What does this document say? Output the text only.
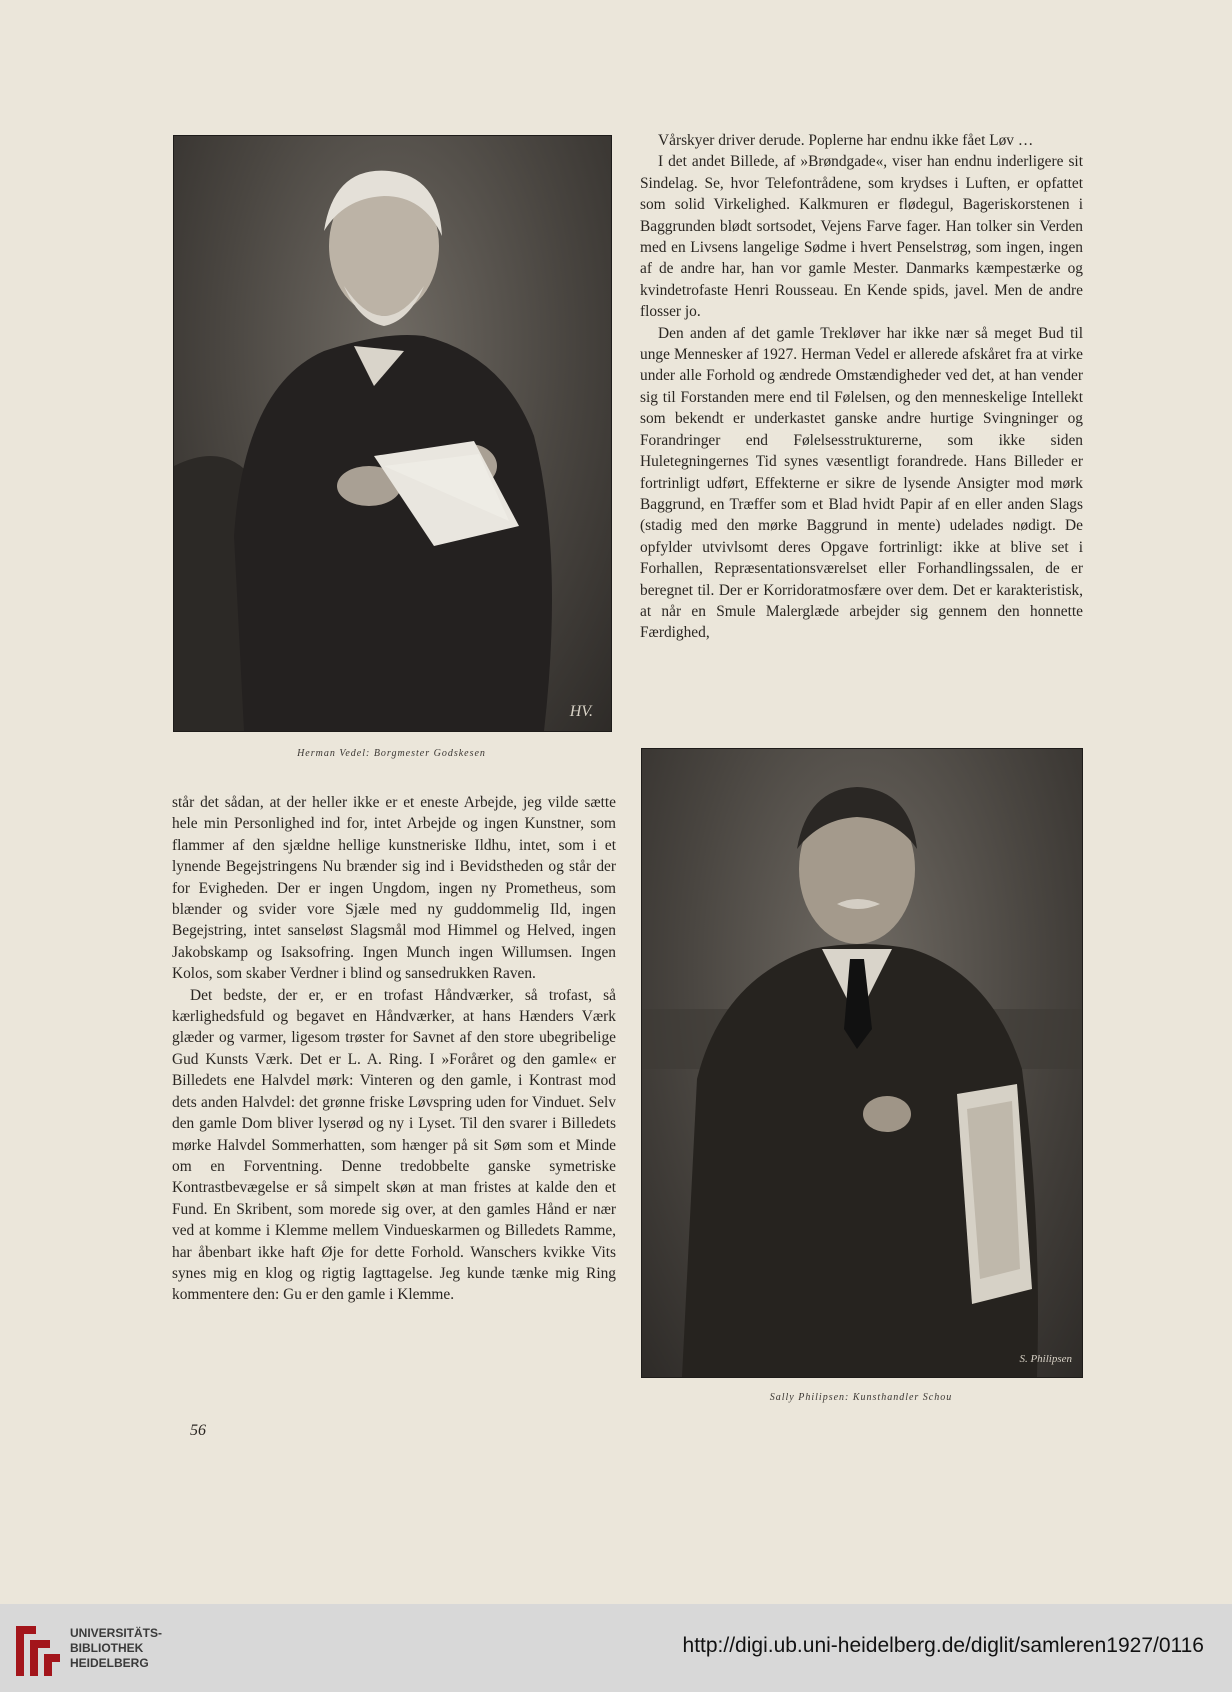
HV.
Herman Vedel: Borgmester Godskesen

Vårskyer driver derude. Poplerne har endnu ikke fået Løv …

I det andet Billede, af »Brøndgade«, viser han endnu inderligere sit Sindelag. Se, hvor Telefontrådene, som krydses i Luften, er opfattet som solid Virkelighed. Kalkmuren er flødegul, Bageriskorstenen i Baggrunden blødt sortsodet, Vejens Farve fager. Han tolker sin Verden med en Livsens langelige Sødme i hvert Penselstrøg, som ingen, ingen af de andre har, han vor gamle Mester. Danmarks kæmpestærke og kvindetrofaste Henri Rousseau. En Kende spids, javel. Men de andre flosser jo.

Den anden af det gamle Trekløver har ikke nær så meget Bud til unge Mennesker af 1927. Herman Vedel er allerede afskåret fra at virke under alle Forhold og ændrede Omstændigheder ved det, at han vender sig til Forstanden mere end til Følelsen, og den menneskelige Intellekt som bekendt er underkastet ganske andre hurtige Svingninger og Forandringer end Følelsesstrukturerne, som ikke siden Huletegningernes Tid synes væsentligt forandrede. Hans Billeder er fortrinligt udført, Effekterne er sikre de lysende Ansigter mod mørk Baggrund, en Træffer som et Blad hvidt Papir af en eller anden Slags (stadig med den mørke Baggrund in mente) udelades nødigt. De opfylder utvivlsomt deres Opgave fortrinligt: ikke at blive set i Forhallen, Repræsentationsværelset eller Forhandlingssalen, de er beregnet til. Der er Korridoratmosfære over dem. Det er karakteristisk, at når en Smule Malerglæde arbejder sig gennem den honnette Færdighed,

S. Philipsen
Sally Philipsen: Kunsthandler Schou

står det sådan, at der heller ikke er et eneste Arbejde, jeg vilde sætte hele min Personlighed ind for, intet Arbejde og ingen Kunstner, som flammer af den sjældne hellige kunstneriske Ildhu, intet, som i et lynende Begejstringens Nu brænder sig ind i Bevidstheden og står der for Evigheden. Der er ingen Ungdom, ingen ny Prometheus, som blænder og svider vore Sjæle med ny guddommelig Ild, ingen Begejstring, intet sanseløst Slagsmål mod Himmel og Helved, ingen Jakobskamp og Isaksofring. Ingen Munch ingen Willumsen. Ingen Kolos, som skaber Verdner i blind og sansedrukken Raven.

Det bedste, der er, er en trofast Håndværker, så trofast, så kærlighedsfuld og begavet en Håndværker, at hans Hænders Værk glæder og varmer, ligesom trøster for Savnet af den store ubegribelige Gud Kunsts Værk. Det er L. A. Ring. I »Foråret og den gamle« er Billedets ene Halvdel mørk: Vinteren og den gamle, i Kontrast mod dets anden Halvdel: det grønne friske Løvspring uden for Vinduet. Selv den gamle Dom bliver lyserød og ny i Lyset. Til den svarer i Billedets mørke Halvdel Sommerhatten, som hænger på sit Søm som et Minde om en Forventning. Denne tredobbelte ganske symetriske Kontrastbevægelse er så simpelt skøn at man fristes at kalde den et Fund. En Skribent, som morede sig over, at den gamles Hånd er nær ved at komme i Klemme mellem Vindueskarmen og Billedets Ramme, har åbenbart ikke haft Øje for dette Forhold. Wanschers kvikke Vits synes mig en klog og rigtig Iagttagelse. Jeg kunde tænke mig Ring kommentere den: Gu er den gamle i Klemme.

56
UNIVERSITÄTS-
BIBLIOTHEK
HEIDELBERG
http://digi.ub.uni-heidelberg.de/diglit/samleren1927/0116
